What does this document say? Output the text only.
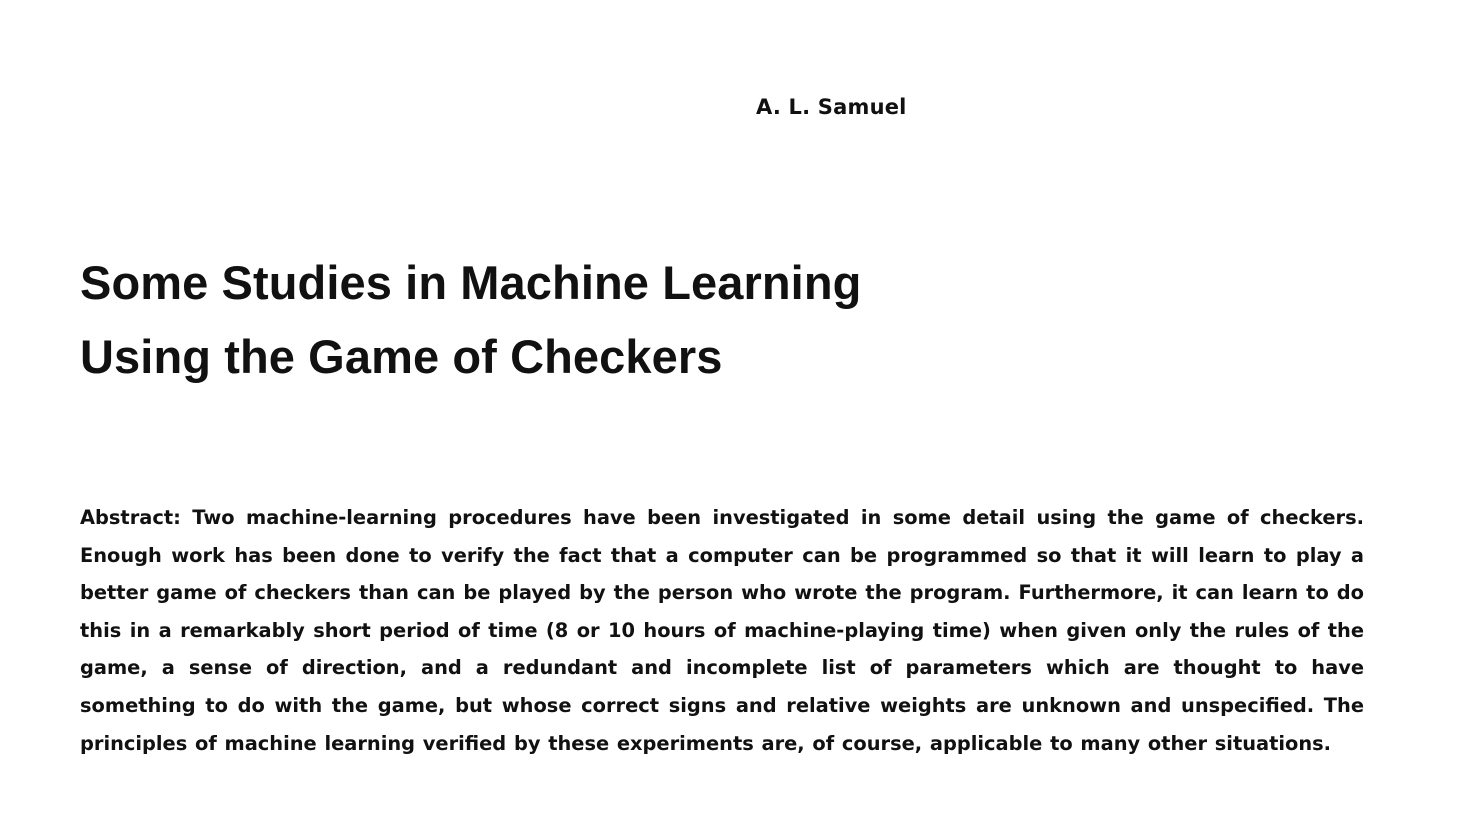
A. L. Samuel
Some Studies in Machine Learning
Using the Game of Checkers

Abstract: Two machine-learning procedures have been investigated in some detail using the game of checkers. Enough work has been done to verify the fact that a computer can be programmed so that it will learn to play a better game of checkers than can be played by the person who wrote the program. Furthermore, it can learn to do this in a remarkably short period of time (8 or 10 hours of machine-playing time) when given only the rules of the game, a sense of direction, and a redundant and incomplete list of parameters which are thought to have something to do with the game, but whose correct signs and relative weights are unknown and unspecified. The principles of machine learning verified by these experiments are, of course, applicable to many other situations.
